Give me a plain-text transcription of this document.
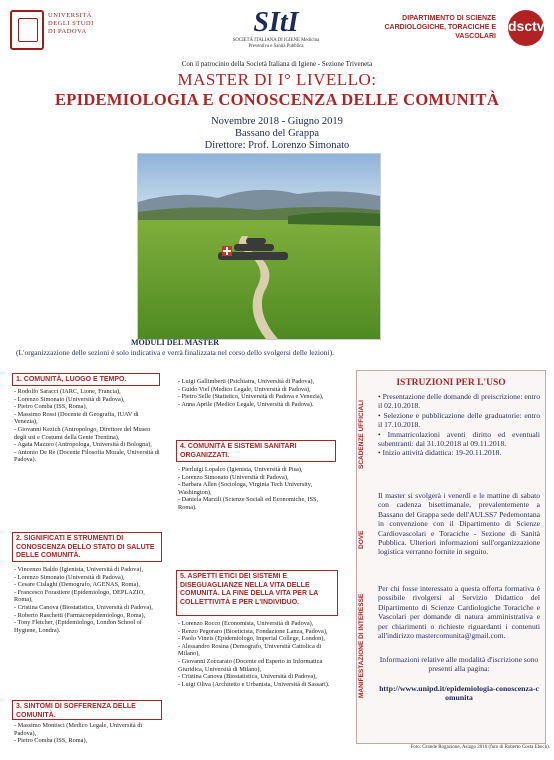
UNIVERSITÀ
DEGLI STUDI
DI PADOVA	SItI
SOCIETÀ ITALIANA DI IGIENE Medicina Preventiva e Sanità Pubblica
DIPARTIMENTO DI SCIENZE
CARDIOLOGICHE, TORACICHE E
VASCOLARI
dsctv
Con il patrocinio della Società Italiana di Igiene - Sezione Triveneta
MASTER DI I° LIVELLO:
EPIDEMIOLOGIA E CONOSCENZA DELLE COMUNITÀ
Novembre 2018 - Giugno 2019
Bassano del Grappa
Direttore: Prof. Lorenzo Simonato
MODULI DEL MASTER
(L'organizzazione delle sezioni è solo indicativa e verrà finalizzata nel corso dello svolgersi delle lezioni).
1. COMUNITÀ, LUOGO E TEMPO.
- Rodolfo Saracci (IARC, Lione, Francia),
- Lorenzo Simonato (Università di Padova),
- Pietro Comba (ISS, Roma),
- Massimo Rossi (Docente di Geografia, IUAV di Venezia),
- Giovanni Kezich (Antropologo, Direttore del Museo degli usi e Costumi della Gente Trentina),
- Agata Mazzeo (Antropologa, Università di Bologna),
- Antonio De Re (Docente Filosofia Morale, Università di Padova).
2. SIGNIFICATI E STRUMENTI DI CONOSCENZA DELLO STATO DI SALUTE DELLE COMUNITÀ.
- Vincenzo Baldo (Igienista, Università di Padova),
- Lorenzo Simonato (Università di Padova),
- Cesare Cislaghi (Demografo, AGENAS, Roma),
- Francesco Forastiere (Epidemiologo, DEPLAZIO, Roma),
- Cristina Canova (Biostatistica, Università di Padova),
- Roberto Raschetti (Farmacoepidemiologo, Roma),
- Tony Fletcher, (Epidemiologo, London School of Hygiene, Londra).
3. SINTOMI DI SOFFERENZA DELLE COMUNITÀ.
- Massimo Montisci (Medico Legale, Università di Padova),
- Pietro Comba (ISS, Roma),
- Luigi Gallimberti (Psichiatra, Università di Padova),
- Guido Viel (Medico Legale, Università di Padova),
- Pietro Selle (Statistico, Università di Padova e Venezia),
- Anna Aprile (Medico Legale, Università di Padova).
4. COMUNITÀ E SISTEMI SANITARI ORGANIZZATI.
- Pierluigi Lopalco (Igienista, Università di Pisa),
- Lorenzo Simonato (Università di Padova),
- Barbara Allen (Sociologa, Virginia Tech University, Washington),
- Daniela Marzili (Scienze Sociali ed Economiche, ISS, Roma).
5. ASPETTI ETICI DEI SISTEMI E DISEGUAGLIANZE NELLA VITA DELLE COMUNITÀ. LA FINE DELLA VITA PER LA COLLETTIVITÀ E PER L'INDIVIDUO.
- Lorenzo Rocco (Economista, Università di Padova),
- Renzo Pegoraro (Bioeticista, Fondazione Lanza, Padova),
- Paolo Vineis (Epidemiologo, Imperial College, London),
- Alessandro Rosina (Demografo, Università Cattolica di Milano),
- Giovanni Zoccarato (Docente ed Esperto in Informatica Giuridica, Università di Milano),
- Cristina Canova (Biostatistica, Università di Padova),
- Luigi Oliva (Architetto e Urbanista, Università di Sassari).
ISTRUZIONI PER L'USO
SCADENZE UFFICIALI
• Presentazione delle domande di preiscrizione: entro il 02.10.2018.
• Selezione e pubblicazione delle graduatorie: entro il 17.10.2018.
• Immatricolazioni aventi diritto ed eventuali subentranti: dal 31.10.2018 al 09.11.2018.
• Inizio attività didattica: 19-20.11.2018.
DOVE
Il master si svolgerà i venerdì e le mattine di sabato con cadenza bisettimanale, prevalentemente a Bassano del Grappa sede dell'AULSS7 Pedemontana in convenzione con il Dipartimento di Scienze Cardiovascolari e Toraciche - Sezione di Sanità Pubblica. Ulteriori informazioni sull'organizzazione logistica verranno fornite in seguito.
MANIFESTAZIONE DI INTERESSE
Per chi fosse interessato a questa offerta formativa è possibile rivolgersi al Servizio Didattico del Dipartimento di Scienze Cardiologiche Toraciche e Vascolari per domande di natura amministrativa e per chiarimenti o richieste riguardanti i contenuti all'indirizzo mastercomunita@gmail.com.
Informazioni relative alle modalità d'iscrizione sono presenti alla pagina:
http://www.unipd.it/epidemiologia-conoscenza-comunita
Foto: Grande Rogazione, Asiago 2016 (foto di Roberto Costa Ebech).
